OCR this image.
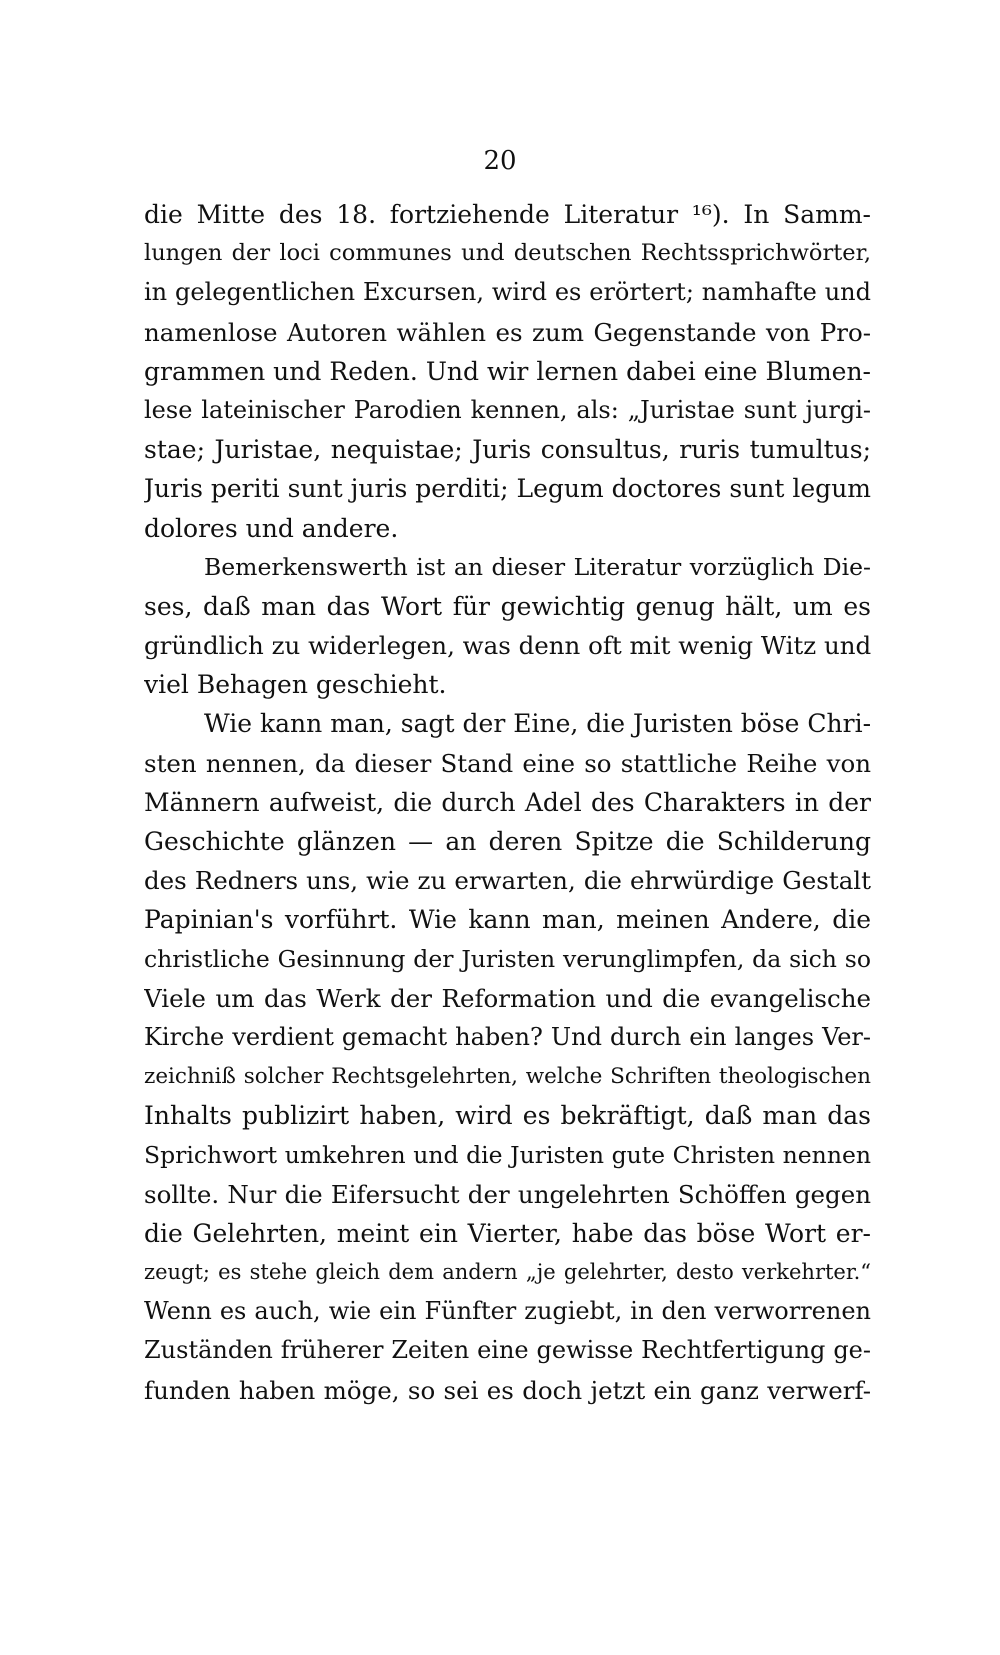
20
die Mitte des 18. fortziehende Literatur ¹⁶). In Samm-
lungen der loci communes und deutschen Rechtssprichwörter,
in gelegentlichen Excursen, wird es erörtert; namhafte und
namenlose Autoren wählen es zum Gegenstande von Pro-
grammen und Reden. Und wir lernen dabei eine Blumen-
lese lateinischer Parodien kennen, als: „Juristae sunt jurgi-
stae; Juristae, nequistae; Juris consultus, ruris tumultus;
Juris periti sunt juris perditi; Legum doctores sunt legum
dolores und andere.
Bemerkenswerth ist an dieser Literatur vorzüglich Die-
ses, daß man das Wort für gewichtig genug hält, um es
gründlich zu widerlegen, was denn oft mit wenig Witz und
viel Behagen geschieht.
Wie kann man, sagt der Eine, die Juristen böse Chri-
sten nennen, da dieser Stand eine so stattliche Reihe von
Männern aufweist, die durch Adel des Charakters in der
Geschichte glänzen — an deren Spitze die Schilderung
des Redners uns, wie zu erwarten, die ehrwürdige Gestalt
Papinian's vorführt. Wie kann man, meinen Andere, die
christliche Gesinnung der Juristen verunglimpfen, da sich so
Viele um das Werk der Reformation und die evangelische
Kirche verdient gemacht haben? Und durch ein langes Ver-
zeichniß solcher Rechtsgelehrten, welche Schriften theologischen
Inhalts publizirt haben, wird es bekräftigt, daß man das
Sprichwort umkehren und die Juristen gute Christen nennen
sollte. Nur die Eifersucht der ungelehrten Schöffen gegen
die Gelehrten, meint ein Vierter, habe das böse Wort er-
zeugt; es stehe gleich dem andern „je gelehrter, desto verkehrter.“
Wenn es auch, wie ein Fünfter zugiebt, in den verworrenen
Zuständen früherer Zeiten eine gewisse Rechtfertigung ge-
funden haben möge, so sei es doch jetzt ein ganz verwerf-
